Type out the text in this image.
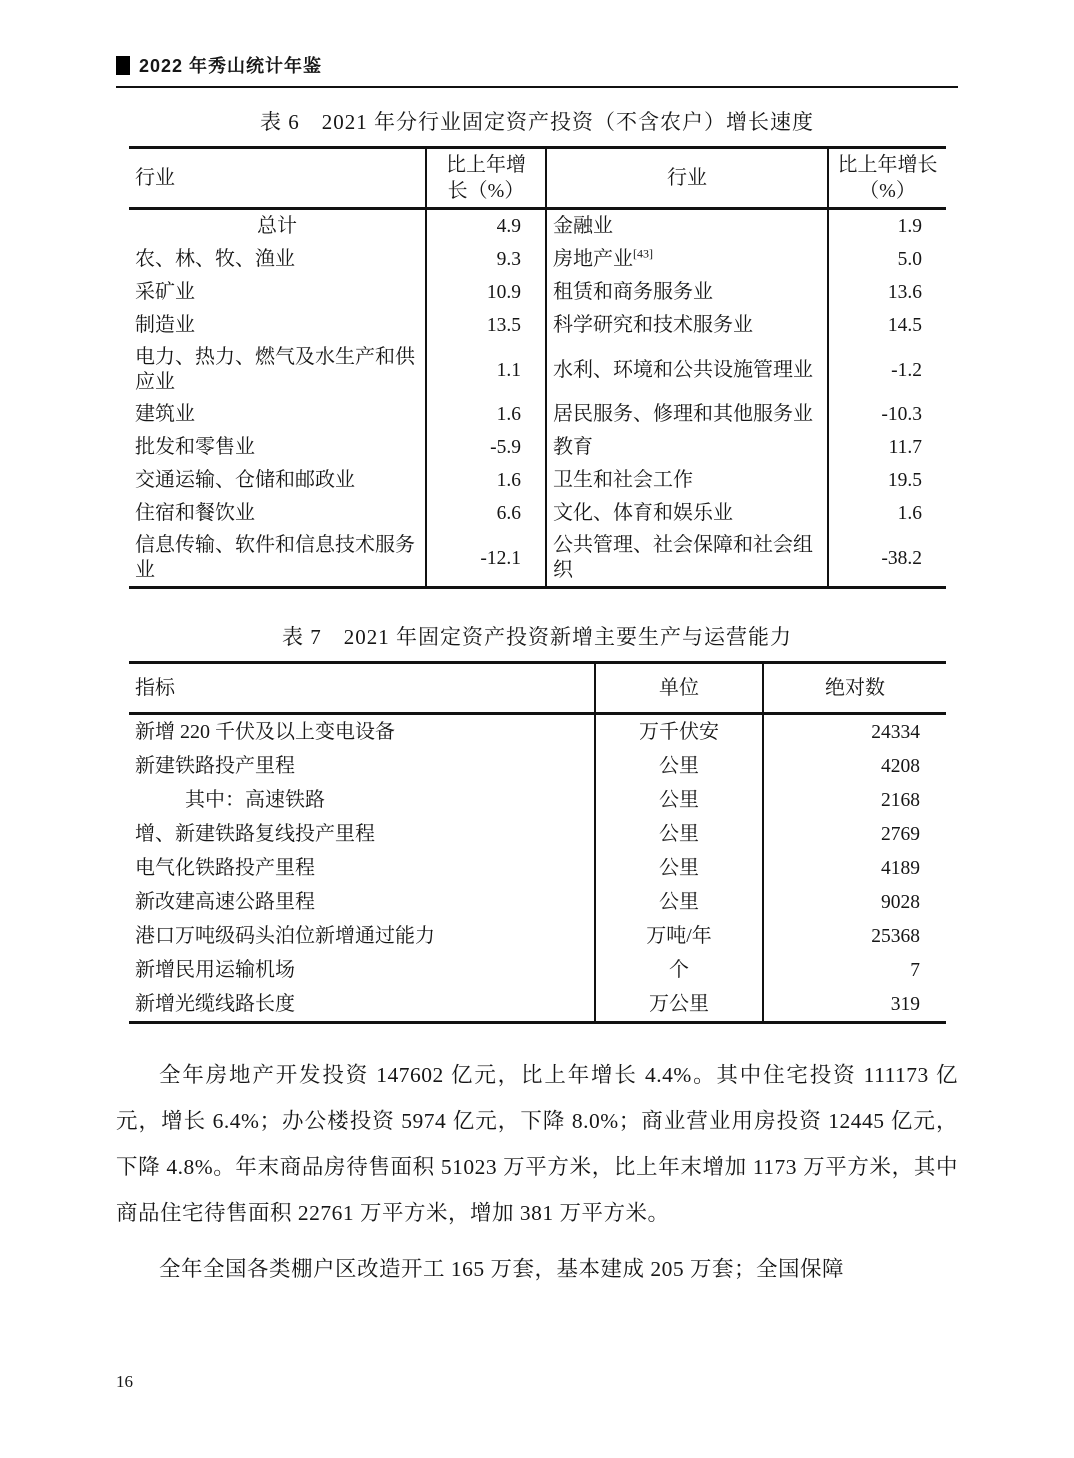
2022 年秀山统计年鉴
表 6　2021 年分行业固定资产投资（不含农户）增长速度
行业	比上年增
长（%）	行业	比上年增长
（%）
总计	4.9	金融业	1.9
农、林、牧、渔业	9.3	房地产业[43]	5.0
采矿业	10.9	租赁和商务服务业	13.6
制造业	13.5	科学研究和技术服务业	14.5
电力、热力、燃气及水生产和供应业	1.1	水利、环境和公共设施管理业	-1.2
建筑业	1.6	居民服务、修理和其他服务业	-10.3
批发和零售业	-5.9	教育	11.7
交通运输、仓储和邮政业	1.6	卫生和社会工作	19.5
住宿和餐饮业	6.6	文化、体育和娱乐业	1.6
信息传输、软件和信息技术服务业	-12.1	公共管理、社会保障和社会组织	-38.2
表 7　2021 年固定资产投资新增主要生产与运营能力
指标	单位	绝对数
新增 220 千伏及以上变电设备	万千伏安	24334
新建铁路投产里程	公里	4208
其中：高速铁路	公里	2168
增、新建铁路复线投产里程	公里	2769
电气化铁路投产里程	公里	4189
新改建高速公路里程	公里	9028
港口万吨级码头泊位新增通过能力	万吨/年	25368
新增民用运输机场	个	7
新增光缆线路长度	万公里	319

全年房地产开发投资 147602 亿元，比上年增长 4.4%。其中住宅投资 111173 亿元，增长 6.4%；办公楼投资 5974 亿元，下降 8.0%；商业营业用房投资 12445 亿元，下降 4.8%。年末商品房待售面积 51023 万平方米，比上年末增加 1173 万平方米，其中商品住宅待售面积 22761 万平方米，增加 381 万平方米。

全年全国各类棚户区改造开工 165 万套，基本建成 205 万套；全国保障

16
